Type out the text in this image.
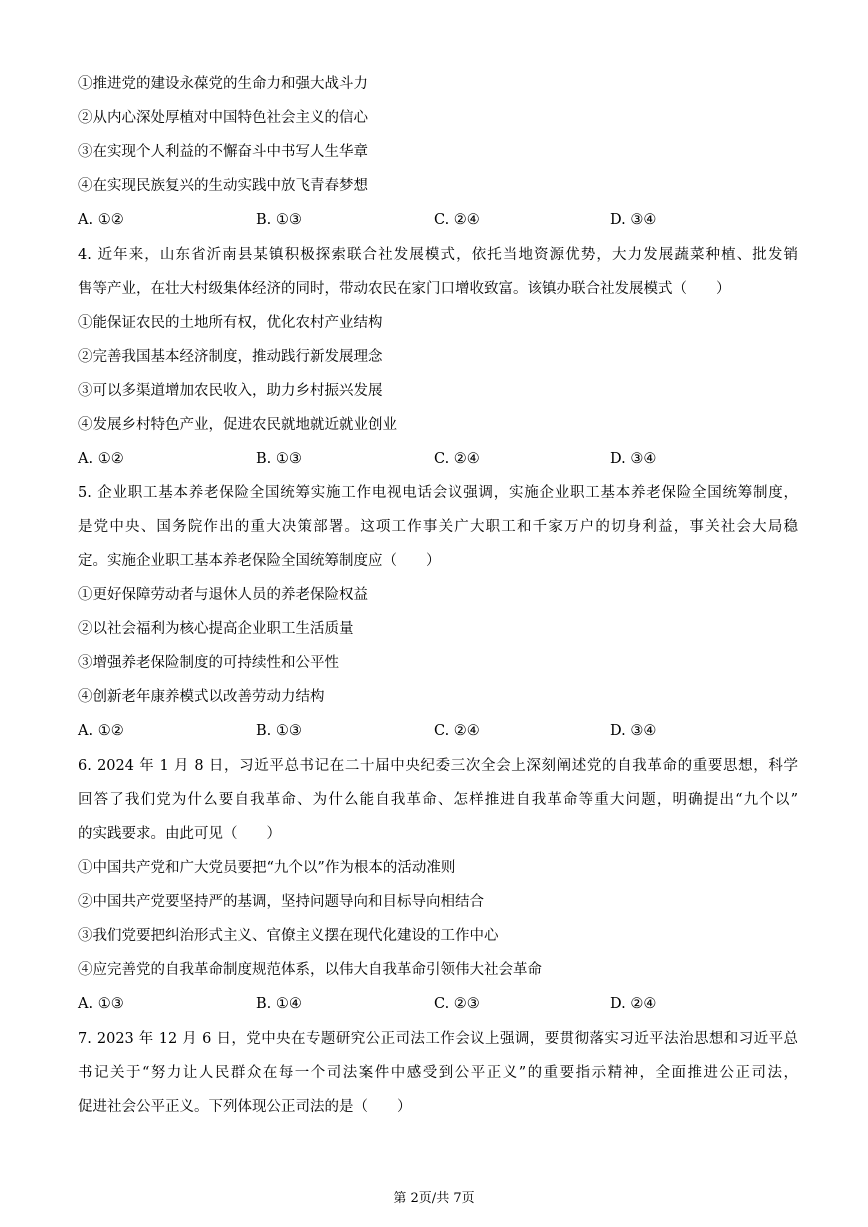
①推进党的建设永葆党的生命力和强大战斗力
②从内心深处厚植对中国特色社会主义的信心
③在实现个人利益的不懈奋斗中书写人生华章
④在实现民族复兴的生动实践中放飞青春梦想
A. ①②	B. ①③	C. ②④	D. ③④
4. 近年来，山东省沂南县某镇积极探索联合社发展模式，依托当地资源优势，大力发展蔬菜种植、批发销
售等产业，在壮大村级集体经济的同时，带动农民在家门口增收致富。该镇办联合社发展模式（　　）
①能保证农民的土地所有权，优化农村产业结构
②完善我国基本经济制度，推动践行新发展理念
③可以多渠道增加农民收入，助力乡村振兴发展
④发展乡村特色产业，促进农民就地就近就业创业
A. ①②	B. ①③	C. ②④	D. ③④
5. 企业职工基本养老保险全国统筹实施工作电视电话会议强调，实施企业职工基本养老保险全国统筹制度，
是党中央、国务院作出的重大决策部署。这项工作事关广大职工和千家万户的切身利益，事关社会大局稳
定。实施企业职工基本养老保险全国统筹制度应（　　）
①更好保障劳动者与退休人员的养老保险权益
②以社会福利为核心提高企业职工生活质量
③增强养老保险制度的可持续性和公平性
④创新老年康养模式以改善劳动力结构
A. ①②	B. ①③	C. ②④	D. ③④
6. 2024 年 1 月 8 日，习近平总书记在二十届中央纪委三次全会上深刻阐述党的自我革命的重要思想，科学
回答了我们党为什么要自我革命、为什么能自我革命、怎样推进自我革命等重大问题，明确提出“九个以”
的实践要求。由此可见（　　）
①中国共产党和广大党员要把“九个以”作为根本的活动准则
②中国共产党要坚持严的基调，坚持问题导向和目标导向相结合
③我们党要把纠治形式主义、官僚主义摆在现代化建设的工作中心
④应完善党的自我革命制度规范体系，以伟大自我革命引领伟大社会革命
A. ①③	B. ①④	C. ②③	D. ②④
7. 2023 年 12 月 6 日，党中央在专题研究公正司法工作会议上强调，要贯彻落实习近平法治思想和习近平总
书记关于“努力让人民群众在每一个司法案件中感受到公平正义”的重要指示精神，全面推进公正司法，
促进社会公平正义。下列体现公正司法的是（　　）
第 2页/共 7页
